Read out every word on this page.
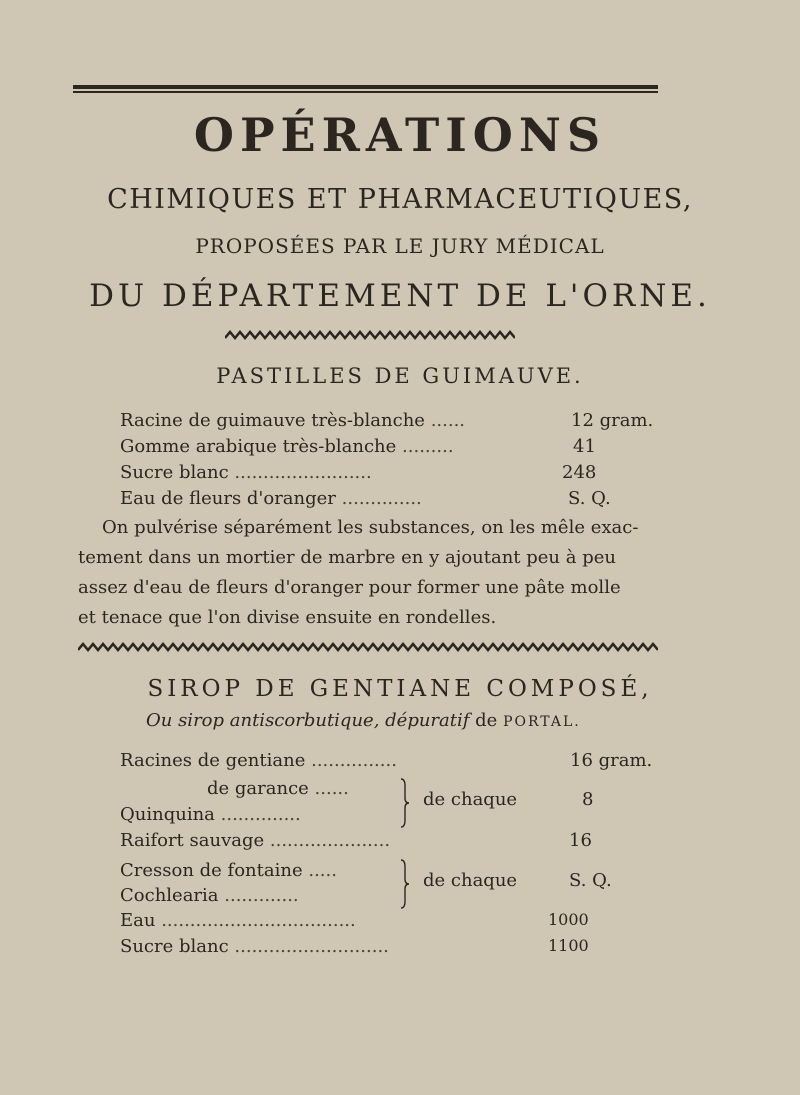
OPÉRATIONS
CHIMIQUES ET PHARMACEUTIQUES,
PROPOSÉES PAR LE JURY MÉDICAL
DU DÉPARTEMENT DE L'ORNE.
PASTILLES DE GUIMAUVE.
Racine de guimauve très-blanche ......	12 gram.
Gomme arabique très-blanche .........	41
Sucre blanc ........................	248
Eau de fleurs d'oranger ..............	S. Q.
On pulvérise séparément les substances, on les mêle exac-
tement dans un mortier de marbre en y ajoutant peu à peu
assez d'eau de fleurs d'oranger pour former une pâte molle
et tenace que l'on divise ensuite en rondelles.
SIROP DE GENTIANE COMPOSÉ,
Ou sirop antiscorbutique, dépuratif de PORTAL.
Racines de gentiane ...............	16 gram.
de garance ......
Quinquina ..............
de chaque	8
Raifort sauvage .....................	16
Cresson de fontaine .....
Cochlearia .............
de chaque	S. Q.
Eau ..................................	1000
Sucre blanc ...........................	1100
